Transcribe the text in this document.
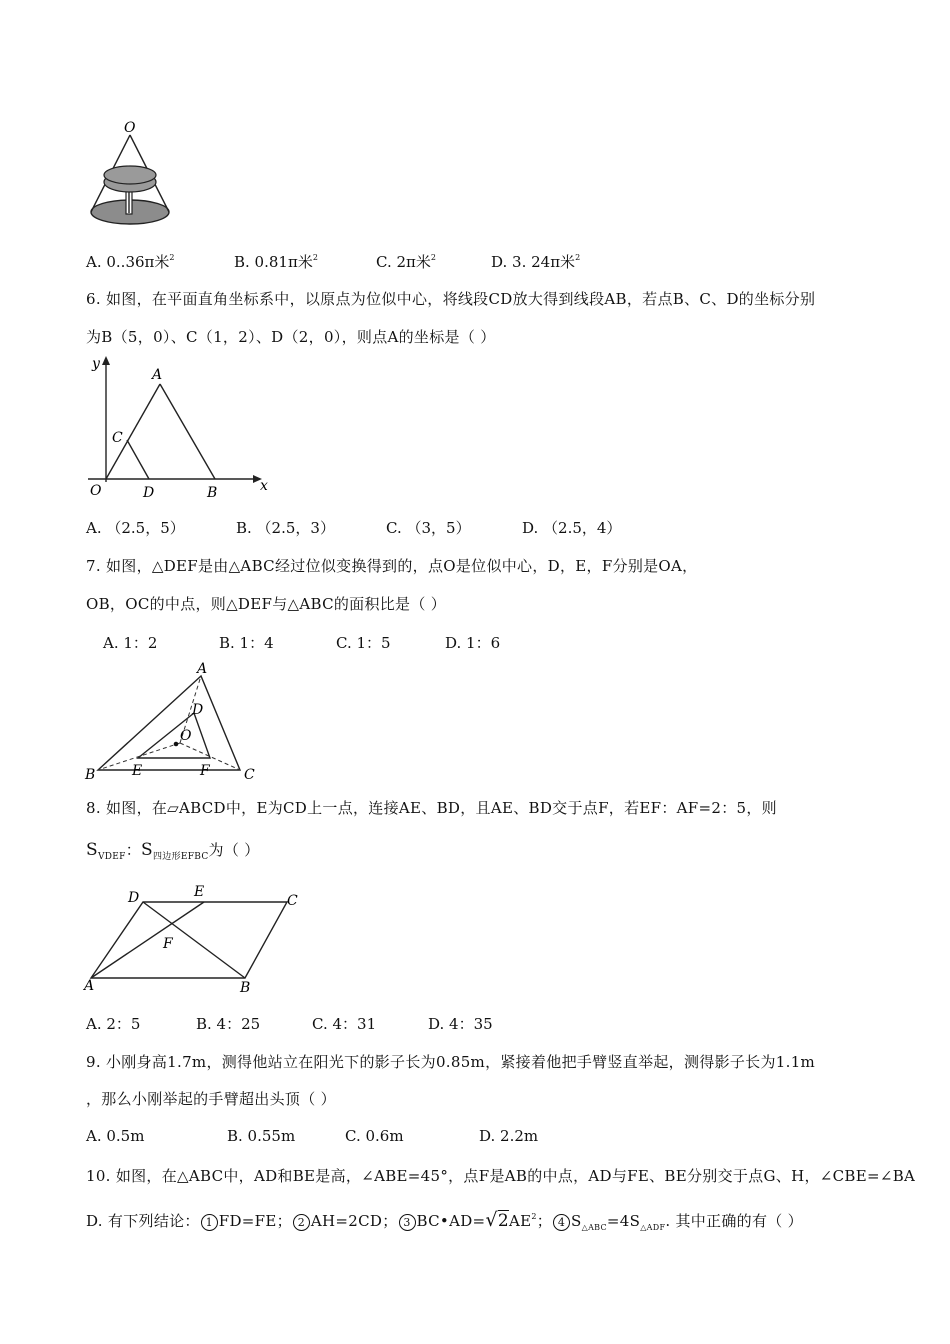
O
A. 0..36π米$^2$	B. 0.81π米$^2$	C. 2π米$^2$	D. 3. 24π米$^2$
6. 如图，在平面直角坐标系中，以原点为位似中心，将线段CD放大得到线段AB，若点B、C、D的坐标分别
为B（5，0）、C（1，2）、D（2，0），则点A的坐标是（ ）
y
x
A
C
O	D	B
A. （2.5，5）	B. （2.5，3）	C. （3，5）	D. （2.5，4）
7. 如图，△DEF是由△ABC经过位似变换得到的，点O是位似中心，D，E，F分别是OA，
OB，OC的中点，则△DEF与△ABC的面积比是（ ）
A. 1：2	B. 1：4	C. 1：5	D. 1：6
A
D
O
B	E	F C
8. 如图，在▱ABCD中，E为CD上一点，连接AE、BD，且AE、BD交于点F，若EF：AF=2：5，则
$S_{VDEF}$：$S_{四边形EFBC}$为（ ）
D	E
C
F
A	B
A. 2：5	B. 4：25	C. 4：31	D. 4：35
9. 小刚身高1.7m，测得他站立在阳光下的影子长为0.85m，紧接着他把手臂竖直举起，测得影子长为1.1m
，那么小刚举起的手臂超出头顶（ ）
A. 0.5m	B. 0.55m	C. 0.6m	D. 2.2m
10. 如图，在△ABC中，AD和BE是高，∠ABE=45°，点F是AB的中点，AD与FE、BE分别交于点G、H，∠CBE=∠BA
D. 有下列结论： 1 FD=FE； 2 AH=2CD； 3 $BC•AD=√2AE^2$； 4 $S_{\triangle ABC}=4S_{\triangle ADF}$. 其中正确的有（ ）
